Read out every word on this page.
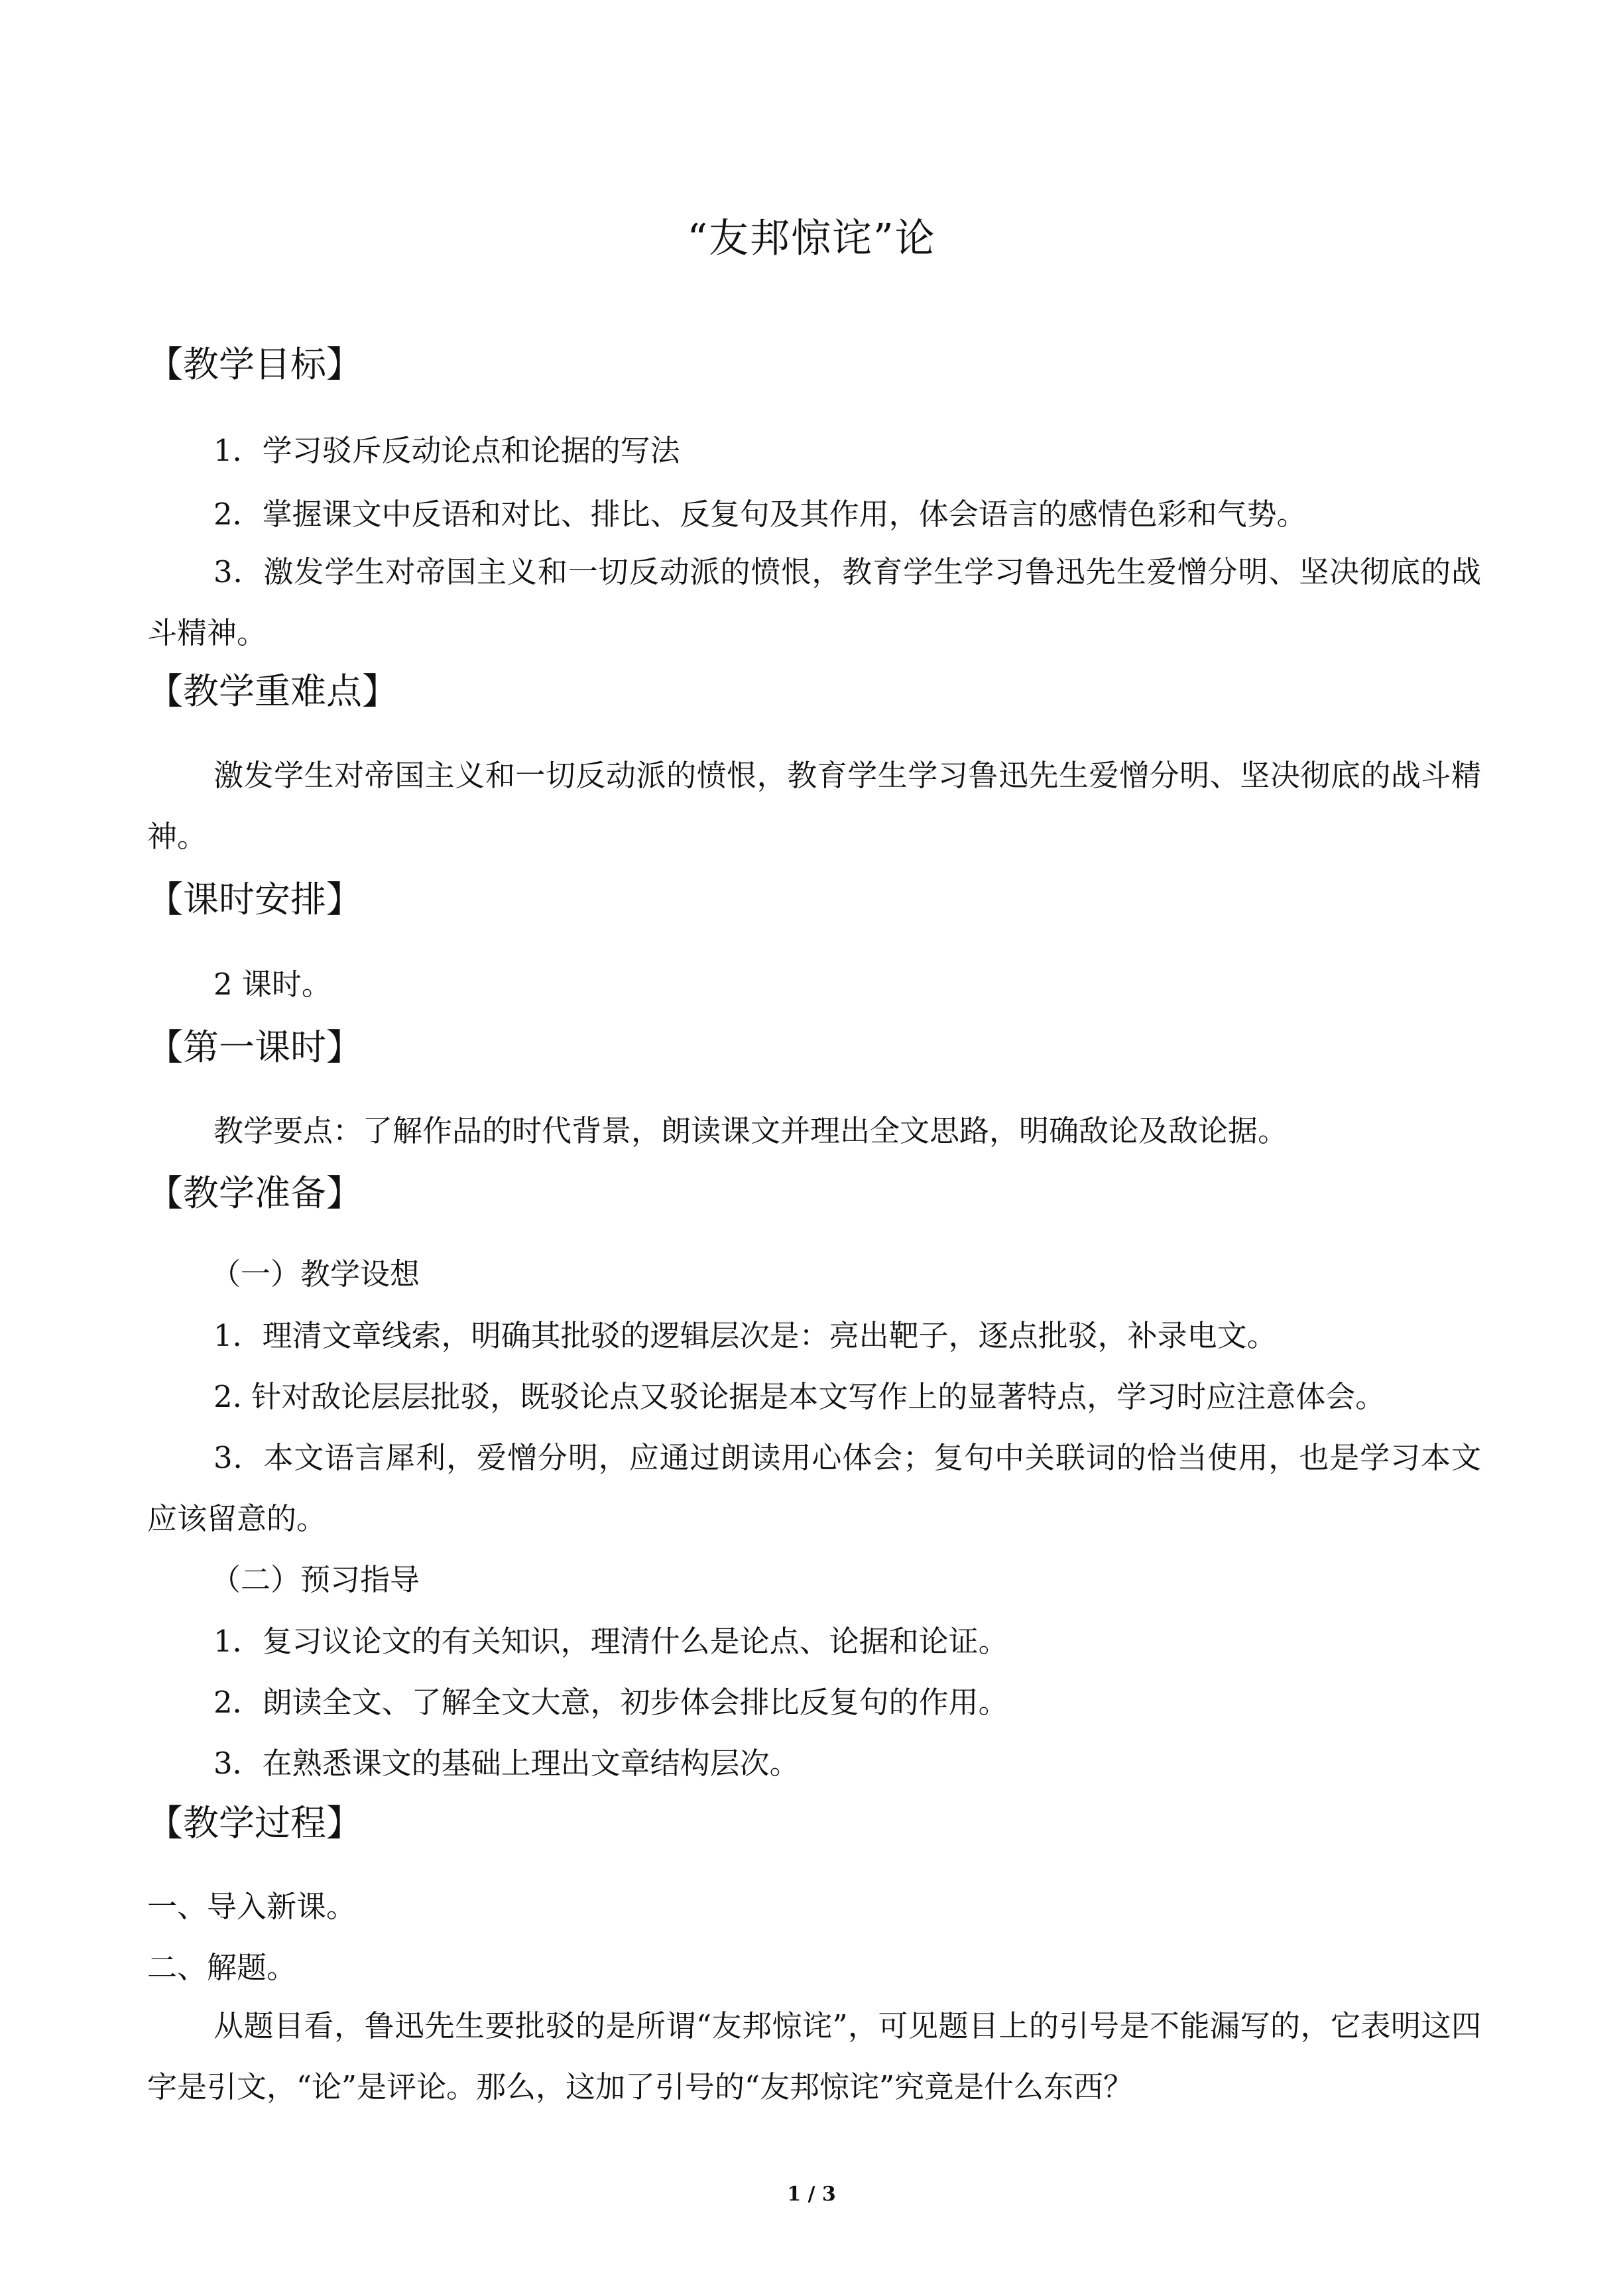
“友邦惊诧”论
【教学目标】
1．学习驳斥反动论点和论据的写法
2．掌握课文中反语和对比、排比、反复句及其作用，体会语言的感情色彩和气势。
3．激发学生对帝国主义和一切反动派的愤恨，教育学生学习鲁迅先生爱憎分明、坚决彻底的战斗精神。
【教学重难点】
激发学生对帝国主义和一切反动派的愤恨，教育学生学习鲁迅先生爱憎分明、坚决彻底的战斗精神。
【课时安排】
2 课时。
【第一课时】
教学要点：了解作品的时代背景，朗读课文并理出全文思路，明确敌论及敌论据。
【教学准备】
（一）教学设想
1．理清文章线索，明确其批驳的逻辑层次是：亮出靶子，逐点批驳，补录电文。
2. 针对敌论层层批驳，既驳论点又驳论据是本文写作上的显著特点，学习时应注意体会。
3．本文语言犀利，爱憎分明，应通过朗读用心体会；复句中关联词的恰当使用，也是学习本文应该留意的。
（二）预习指导
1．复习议论文的有关知识，理清什么是论点、论据和论证。
2．朗读全文、了解全文大意，初步体会排比反复句的作用。
3．在熟悉课文的基础上理出文章结构层次。
【教学过程】
一、导入新课。
二、解题。
从题目看，鲁迅先生要批驳的是所谓“友邦惊诧”，可见题目上的引号是不能漏写的，它表明这四字是引文，“论”是评论。那么，这加了引号的“友邦惊诧”究竟是什么东西？
1 / 3
